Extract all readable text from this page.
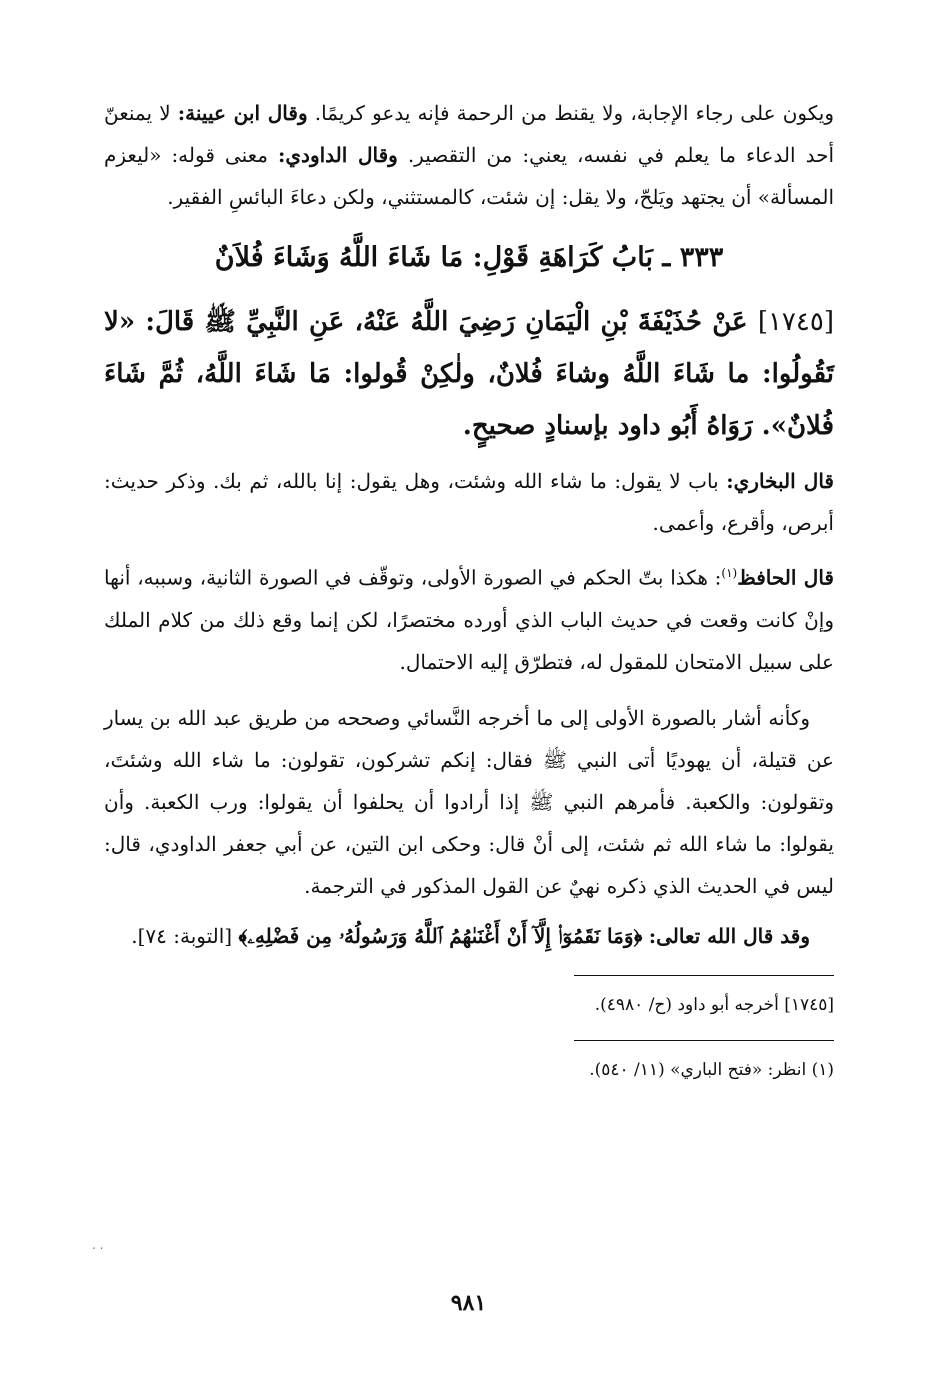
ويكون على رجاء الإجابة، ولا يقنط من الرحمة فإنه يدعو كريمًا. وقال ابن عيينة: لا يمنعنّ أحد الدعاء ما يعلم في نفسه، يعني: من التقصير. وقال الداودي: معنى قوله: «ليعزم المسألة» أن يجتهد ويَلحّ، ولا يقل: إن شئت، كالمستثني، ولكن دعاءَ البائسِ الفقير.

٣٣٣ ـ بَابُ كَرَاهَةِ قَوْلِ: مَا شَاءَ اللَّهُ وَشَاءَ فُلاَنٌ

[١٧٤٥] عَنْ حُذَيْفَةَ بْنِ الْيَمَانِ رَضِيَ اللَّهُ عَنْهُ، عَنِ النَّبِيِّ ﷺ قَالَ: «لا تَقُولُوا: ما شَاءَ اللَّهُ وشاءَ فُلانٌ، ولٰكِنْ قُولوا: مَا شَاءَ اللَّهُ، ثُمَّ شَاءَ فُلانٌ». رَوَاهُ أَبُو داود بإسنادٍ صحيحٍ.

قال البخاري: باب لا يقول: ما شاء الله وشئت، وهل يقول: إنا بالله، ثم بك. وذكر حديث: أبرص، وأقرع، وأعمى.

قال الحافظ$^{(١)}$: هكذا بتّ الحكم في الصورة الأولى، وتوقّف في الصورة الثانية، وسببه، أنها وإنْ كانت وقعت في حديث الباب الذي أورده مختصرًا، لكن إنما وقع ذلك من كلام الملك على سبيل الامتحان للمقول له، فتطرّق إليه الاحتمال.

وكأنه أشار بالصورة الأولى إلى ما أخرجه النَّسائي وصححه من طريق عبد الله بن يسار عن قتيلة، أن يهوديًا أتى النبي ﷺ فقال: إنكم تشركون، تقولون: ما شاء الله وشئتَ، وتقولون: والكعبة. فأمرهم النبي ﷺ إذا أرادوا أن يحلفوا أن يقولوا: ورب الكعبة. وأن يقولوا: ما شاء الله ثم شئت، إلى أنْ قال: وحكى ابن التين، عن أبي جعفر الداودي، قال: ليس في الحديث الذي ذكره نهيٌ عن القول المذكور في الترجمة.

وقد قال الله تعالى: ﴿وَمَا نَقَمُوٓا۟ إِلَّآ أَنْ أَغْنَىٰهُمُ ٱللَّهُ وَرَسُولُهُۥ مِن فَضْلِهِۦ﴾ [التوبة: ٧٤].

[١٧٤٥] أخرجه أبو داود (ح/ ٤٩٨٠).

(١) انظر: «فتح الباري» (١١/ ٥٤٠).

. .
٩٨١
